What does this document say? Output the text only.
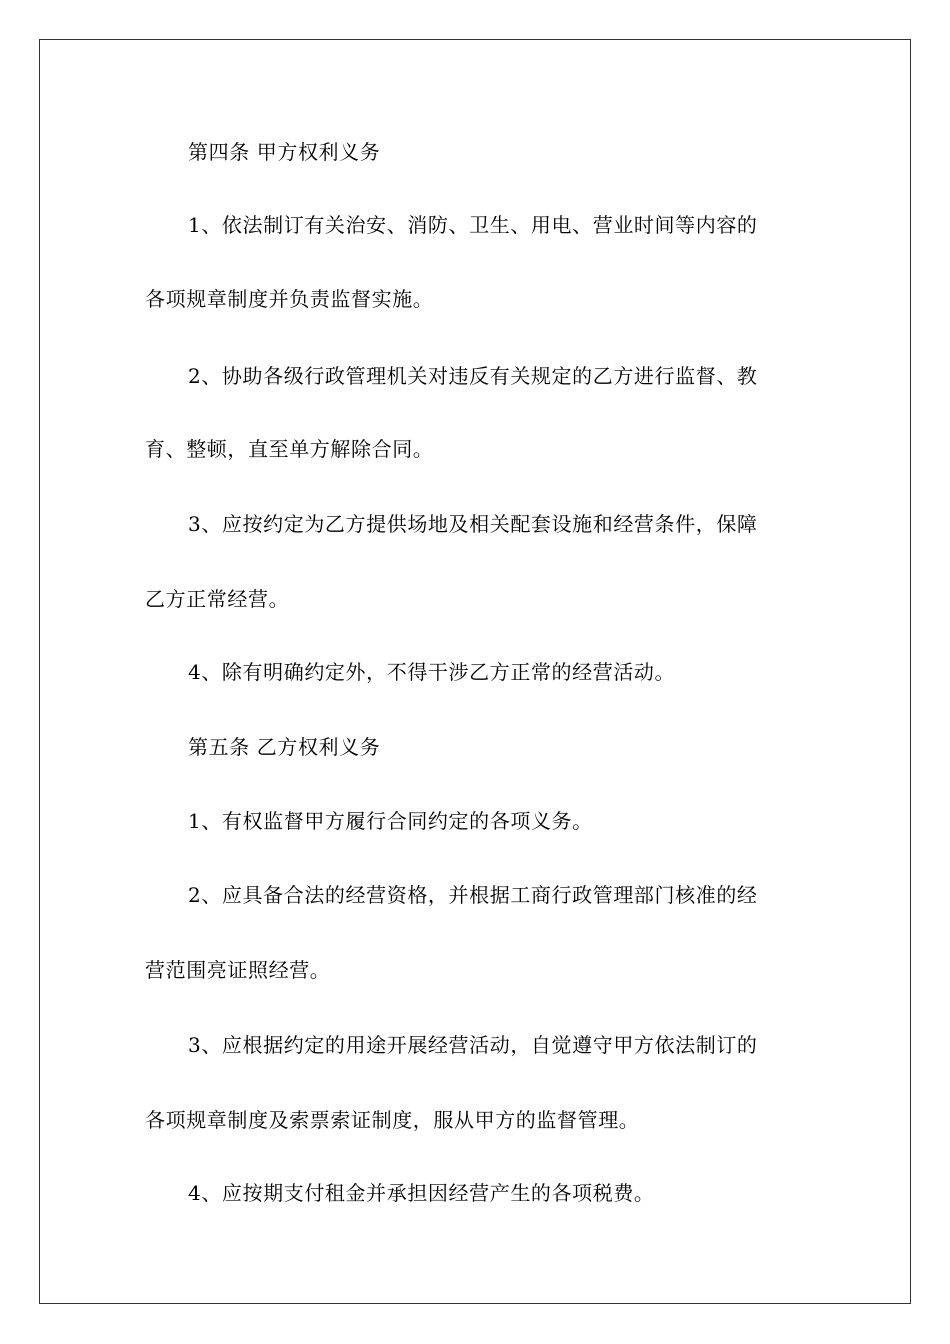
第四条 甲方权利义务

1、依法制订有关治安、消防、卫生、用电、营业时间等内容的

各项规章制度并负责监督实施。

2、协助各级行政管理机关对违反有关规定的乙方进行监督、教

育、整顿，直至单方解除合同。

3、应按约定为乙方提供场地及相关配套设施和经营条件，保障

乙方正常经营。

4、除有明确约定外，不得干涉乙方正常的经营活动。

第五条 乙方权利义务

1、有权监督甲方履行合同约定的各项义务。

2、应具备合法的经营资格，并根据工商行政管理部门核准的经

营范围亮证照经营。

3、应根据约定的用途开展经营活动，自觉遵守甲方依法制订的

各项规章制度及索票索证制度，服从甲方的监督管理。

4、应按期支付租金并承担因经营产生的各项税费。
